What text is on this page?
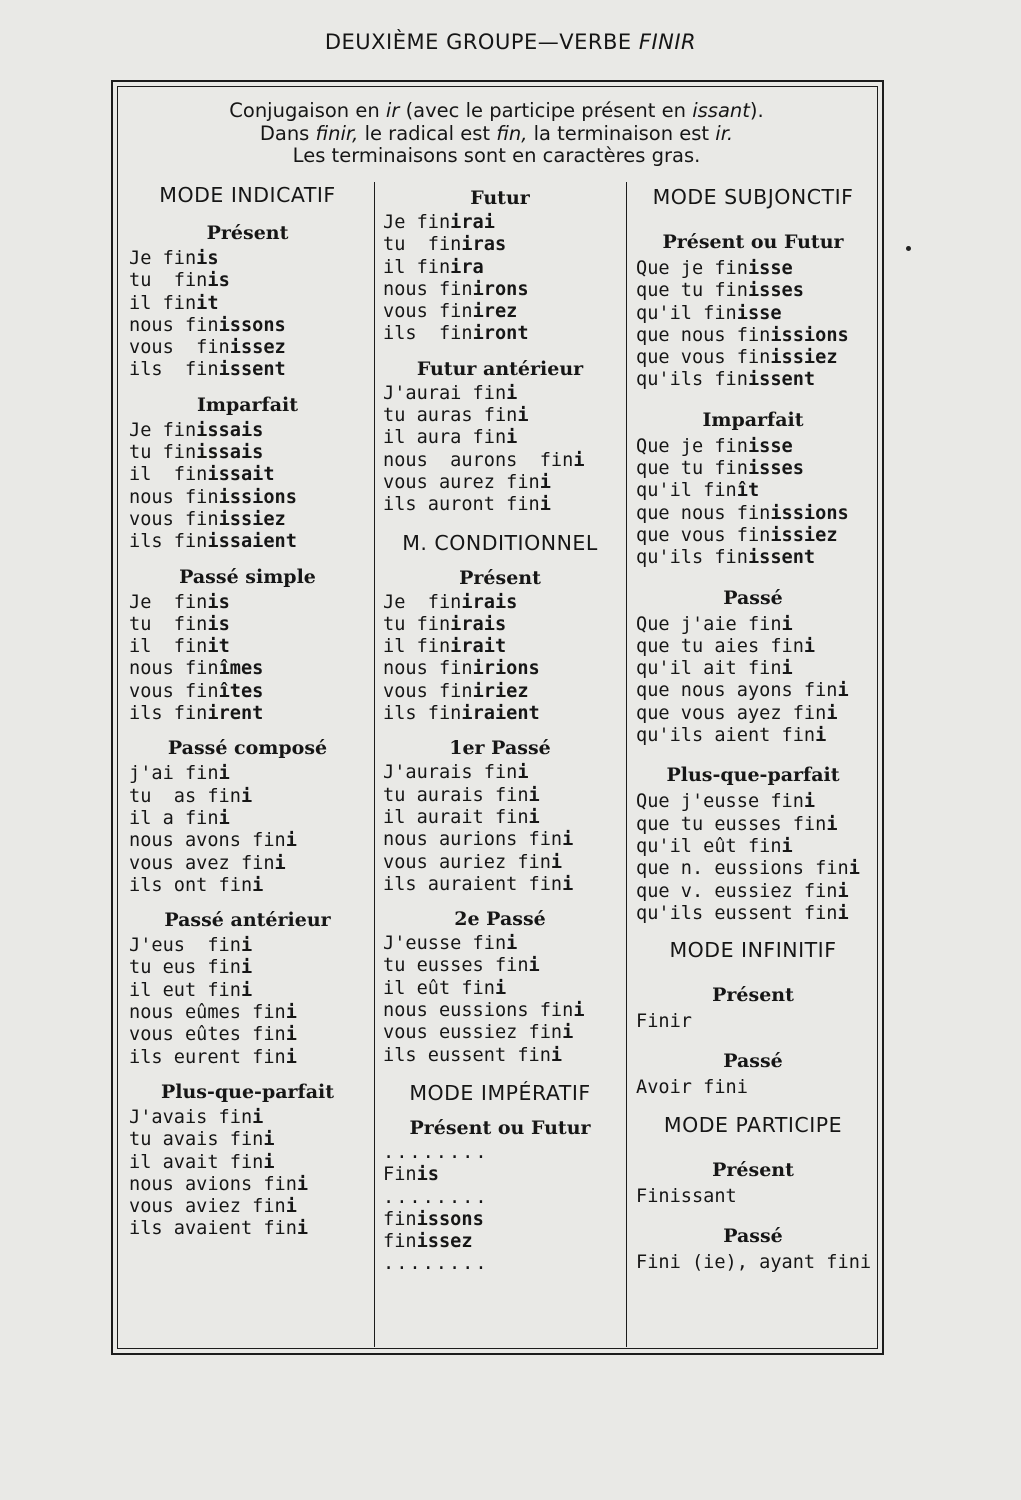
DEUXIÈME GROUPE—VERBE FINIR
Conjugaison en ir (avec le participe présent en issant).
Dans finir, le radical est fin, la terminaison est ir.
Les terminaisons sont en caractères gras.
MODE INDICATIF
Présent
Je finis
tu  finis
il finit
nous finissons
vous  finissez
ils  finissent
Imparfait
Je finissais
tu finissais
il  finissait
nous finissions
vous finissiez
ils finissaient
Passé simple
Je  finis
tu  finis
il  finit
nous finîmes
vous finîtes
ils finirent
Passé composé
j'ai fini
tu  as fini
il a fini
nous avons fini
vous avez fini
ils ont fini
Passé antérieur
J'eus  fini
tu eus fini
il eut fini
nous eûmes fini
vous eûtes fini
ils eurent fini
Plus-que-parfait
J'avais fini
tu avais fini
il avait fini
nous avions fini
vous aviez fini
ils avaient fini
Futur
Je finirai
tu  finiras
il finira
nous finirons
vous finirez
ils  finiront
Futur antérieur
J'aurai fini
tu auras fini
il aura fini
nous  aurons  fini
vous aurez fini
ils auront fini
M. CONDITIONNEL
Présent
Je  finirais
tu finirais
il finirait
nous finirions
vous finiriez
ils finiraient
1er Passé
J'aurais fini
tu aurais fini
il aurait fini
nous aurions fini
vous auriez fini
ils auraient fini
2e Passé
J'eusse fini
tu eusses fini
il eût fini
nous eussions fini
vous eussiez fini
ils eussent fini
MODE IMPÉRATIF
Présent ou Futur
........
Finis
........
finissons
finissez
........
MODE SUBJONCTIF
Présent ou Futur
Que je finisse
que tu finisses
qu'il finisse
que nous finissions
que vous finissiez
qu'ils finissent
Imparfait
Que je finisse
que tu finisses
qu'il finît
que nous finissions
que vous finissiez
qu'ils finissent
Passé
Que j'aie fini
que tu aies fini
qu'il ait fini
que nous ayons fini
que vous ayez fini
qu'ils aient fini
Plus-que-parfait
Que j'eusse fini
que tu eusses fini
qu'il eût fini
que n. eussions fini
que v. eussiez fini
qu'ils eussent fini
MODE INFINITIF
Présent
Finir
Passé
Avoir fini
MODE PARTICIPE
Présent
Finissant
Passé
Fini (ie), ayant fini
